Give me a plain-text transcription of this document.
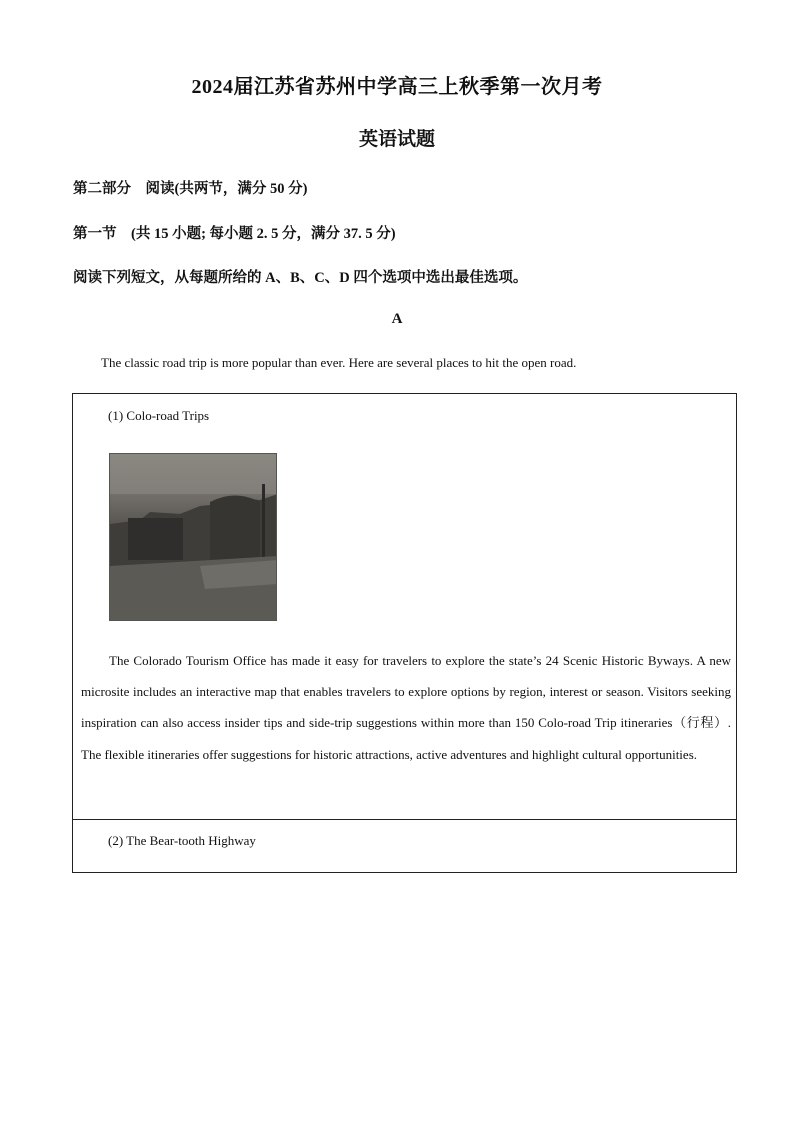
2024届江苏省苏州中学高三上秋季第一次月考
英语试题
第二部分　阅读(共两节，满分 50 分)
第一节　(共 15 小题; 每小题 2. 5 分，满分 37. 5 分)
阅读下列短文，从每题所给的 A、B、C、D 四个选项中选出最佳选项。
A
The classic road trip is more popular than ever. Here are several places to hit the open road.
(1) Colo-road Trips
The Colorado Tourism Office has made it easy for travelers to explore the state’s 24 Scenic Historic Byways. A new microsite includes an interactive map that enables travelers to explore options by region, interest or season. Visitors seeking inspiration can also access insider tips and side-trip suggestions within more than 150 Colo-road Trip itineraries（行程）. The flexible itineraries offer suggestions for historic attractions, active adventures and highlight cultural opportunities.
(2) The Bear-tooth Highway
